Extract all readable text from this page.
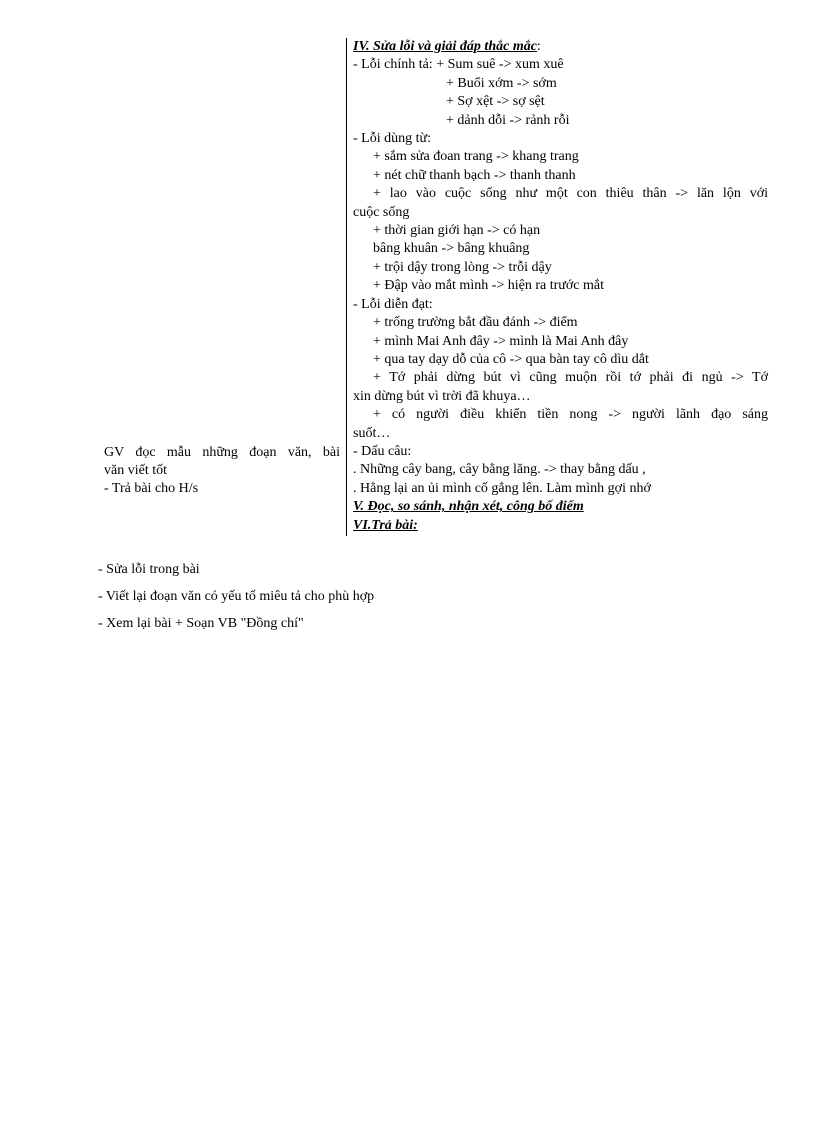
GV đọc mẫu những đoạn văn, bài
văn viết tốt
- Trả bài cho H/s
IV. Sửa lỗi và giải đáp thắc mắc:
- Lỗi chính tả: + Sum suê -> xum xuê
+ Buổi xớm -> sớm
+ Sợ xệt -> sợ sệt
+ dảnh dỗi -> rảnh rỗi
- Lỗi dùng từ:
+ sắm sửa đoan trang -> khang trang
+ nét chữ thanh bạch -> thanh thanh
+ lao vào cuộc sống như một con thiêu thân -> lăn lộn với
cuộc sống
+ thời gian giới hạn -> có hạn
bâng khuân -> bâng khuâng
+ trội dậy trong lòng -> trỗi dậy
+ Đập vào mắt mình -> hiện ra trước mắt
- Lỗi diễn đạt:
+ trống trường bắt đầu đánh -> điểm
+ mình Mai Anh đây -> mình là Mai Anh đây
+ qua tay dạy dỗ của cô -> qua bàn tay cô dìu dắt
+ Tớ phải dừng bút vì cũng muộn rồi tớ phải đi ngủ -> Tớ
xin dừng bút vì trời đã khuya…
+ có người điều khiển tiền nong -> người lãnh đạo sáng
suốt…
- Dấu câu:
. Những cây bang, cây bằng lăng. -> thay bằng dấu ,
. Hằng lại an ủi mình cố gắng lên. Làm mình gợi nhớ
V. Đọc, so sánh, nhận xét, công bố điểm
VI.Trả bài:
- Sửa lỗi trong bài
- Viết lại đoạn văn có yếu tố miêu tả cho phù hợp
- Xem lại bài + Soạn VB "Đồng chí"
